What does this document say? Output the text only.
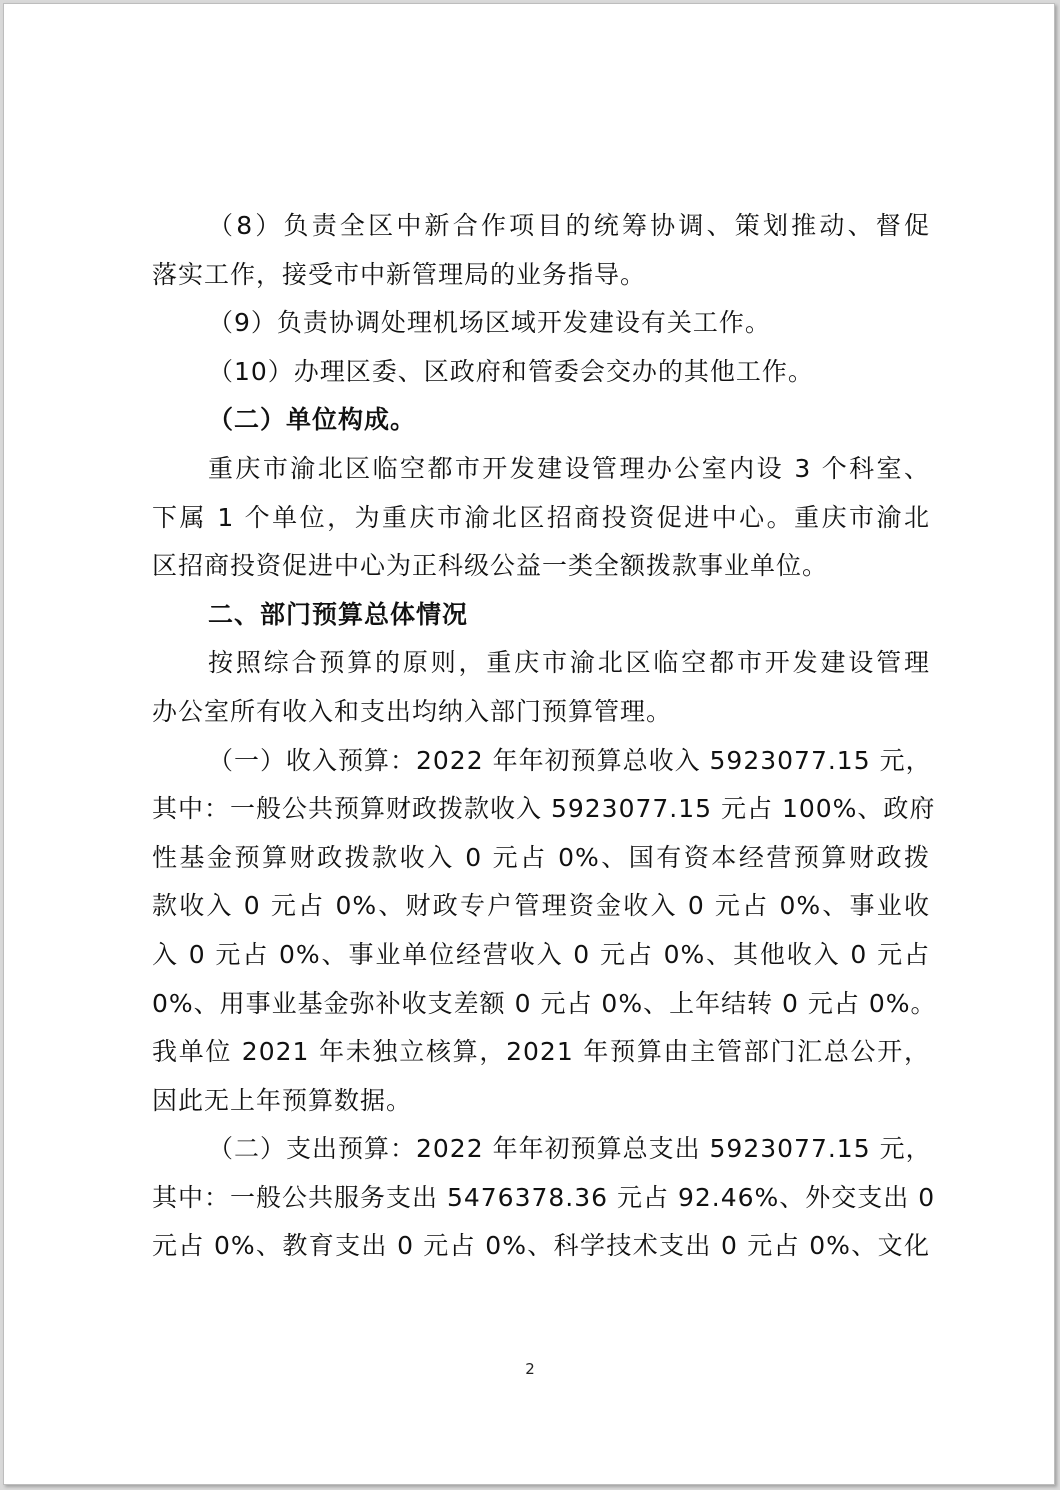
（8）负责全区中新合作项目的统筹协调、策划推动、督促
落实工作，接受市中新管理局的业务指导。
（9）负责协调处理机场区域开发建设有关工作。
（10）办理区委、区政府和管委会交办的其他工作。
（二）单位构成。
重庆市渝北区临空都市开发建设管理办公室内设 3 个科室、
下属 1 个单位，为重庆市渝北区招商投资促进中心。重庆市渝北
区招商投资促进中心为正科级公益一类全额拨款事业单位。
二、部门预算总体情况
按照综合预算的原则，重庆市渝北区临空都市开发建设管理
办公室所有收入和支出均纳入部门预算管理。
（一）收入预算：2022 年年初预算总收入 5923077.15 元，
其中：一般公共预算财政拨款收入 5923077.15 元占 100%、政府
性基金预算财政拨款收入 0 元占 0%、国有资本经营预算财政拨
款收入 0 元占 0%、财政专户管理资金收入 0 元占 0%、事业收
入 0 元占 0%、事业单位经营收入 0 元占 0%、其他收入 0 元占
0%、用事业基金弥补收支差额 0 元占 0%、上年结转 0 元占 0%。
我单位 2021 年未独立核算，2021 年预算由主管部门汇总公开，
因此无上年预算数据。
（二）支出预算：2022 年年初预算总支出 5923077.15 元，
其中：一般公共服务支出 5476378.36 元占 92.46%、外交支出 0
元占 0%、教育支出 0 元占 0%、科学技术支出 0 元占 0%、文化
2
